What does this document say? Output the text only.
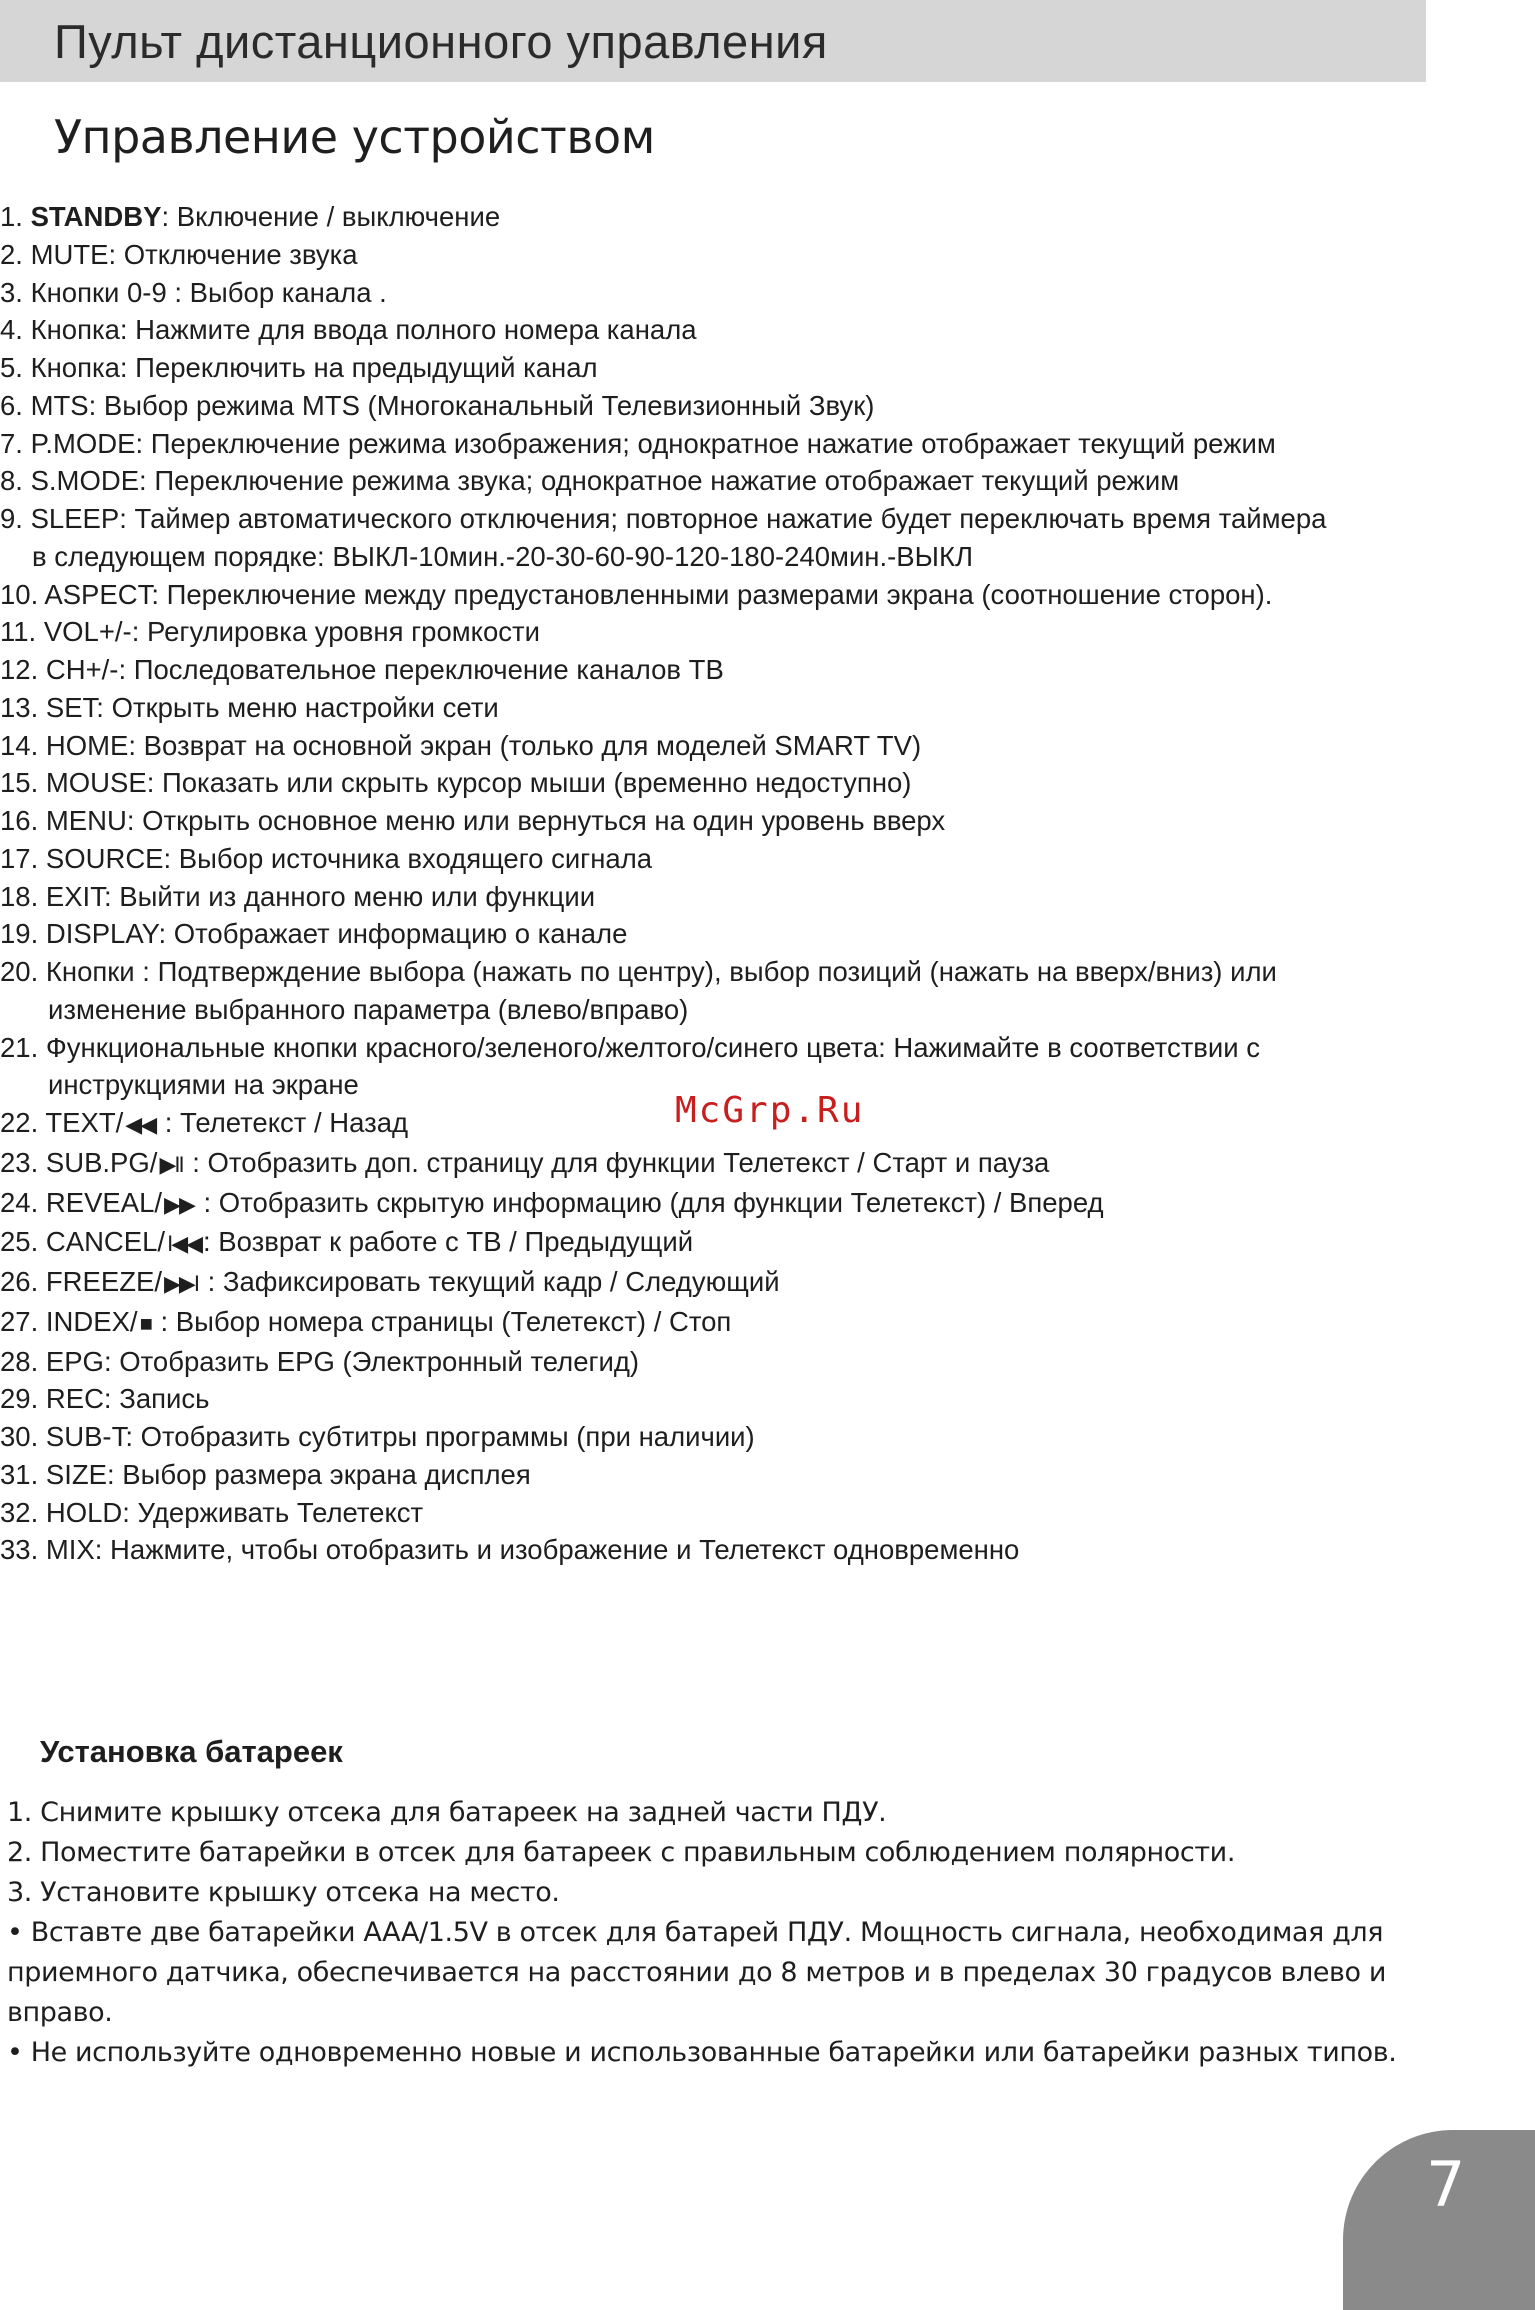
Пульт дистанционного управления
Управление устройством
1. STANDBY: Включение / выключение
2. MUTE: Отключение звука
3. Кнопки 0-9 : Выбор канала .
4. Кнопка: Нажмите для ввода полного номера канала
5. Кнопка: Переключить на предыдущий канал
6. MTS: Выбор режима MTS (Многоканальный Телевизионный Звук)
7. P.MODE: Переключение режима изображения; однократное нажатие отображает текущий режим
8. S.MODE: Переключение режима звука; однократное нажатие отображает текущий режим
9. SLEEP: Таймер автоматического отключения; повторное нажатие будет переключать время таймера
в следующем порядке: ВЫКЛ-10мин.-20-30-60-90-120-180-240мин.-ВЫКЛ
10. ASPECT: Переключение между предустановленными размерами экрана (соотношение сторон).
11. VOL+/-: Регулировка уровня громкости
12. CH+/-: Последовательное переключение каналов ТВ
13. SET: Открыть меню настройки сети
14. HOME: Возврат на основной экран (только для моделей SMART TV)
15. MOUSE: Показать или скрыть курсор мыши (временно недоступно)
16. MENU: Открыть основное меню или вернуться на один уровень вверх
17. SOURCE: Выбор источника входящего сигнала
18. EXIT: Выйти из данного меню или функции
19. DISPLAY: Отображает информацию о канале
20. Кнопки : Подтверждение выбора (нажать по центру), выбор позиций (нажать на вверх/вниз) или
изменение выбранного параметра (влево/вправо)
21. Функциональные кнопки красного/зеленого/желтого/синего цвета: Нажимайте в соответствии с
инструкциями на экране
22. TEXT/◀◀ : Телетекст / Назад
23. SUB.PG/▶II : Отобразить доп. страницу для функции Телетекст / Старт и пауза
24. REVEAL/▶▶ : Отобразить скрытую информацию (для функции Телетекст) / Вперед
25. CANCEL/I◀◀: Возврат к работе с ТВ / Предыдущий
26. FREEZE/▶▶I : Зафиксировать текущий кадр / Следующий
27. INDEX/■ : Выбор номера страницы (Телетекст) / Стоп
28. EPG: Отобразить EPG (Электронный телегид)
29. REC: Запись
30. SUB-T: Отобразить субтитры программы (при наличии)
31. SIZE: Выбор размера экрана дисплея
32. HOLD: Удерживать Телетекст
33. MIX: Нажмите, чтобы отобразить и изображение и Телетекст одновременно
McGrp.Ru
Установка батареек
1. Снимите крышку отсека для батареек на задней части ПДУ.
2. Поместите батарейки в отсек для батареек с правильным соблюдением полярности.
3. Установите крышку отсека на место.
• Вставте две батарейки AAA/1.5V в отсек для батарей ПДУ. Мощность сигнала, необходимая для
приемного датчика, обеспечивается на расстоянии до 8 метров и в пределах 30 градусов влево и
вправо.
• Не используйте одновременно новые и использованные батарейки или батарейки разных типов.
7
